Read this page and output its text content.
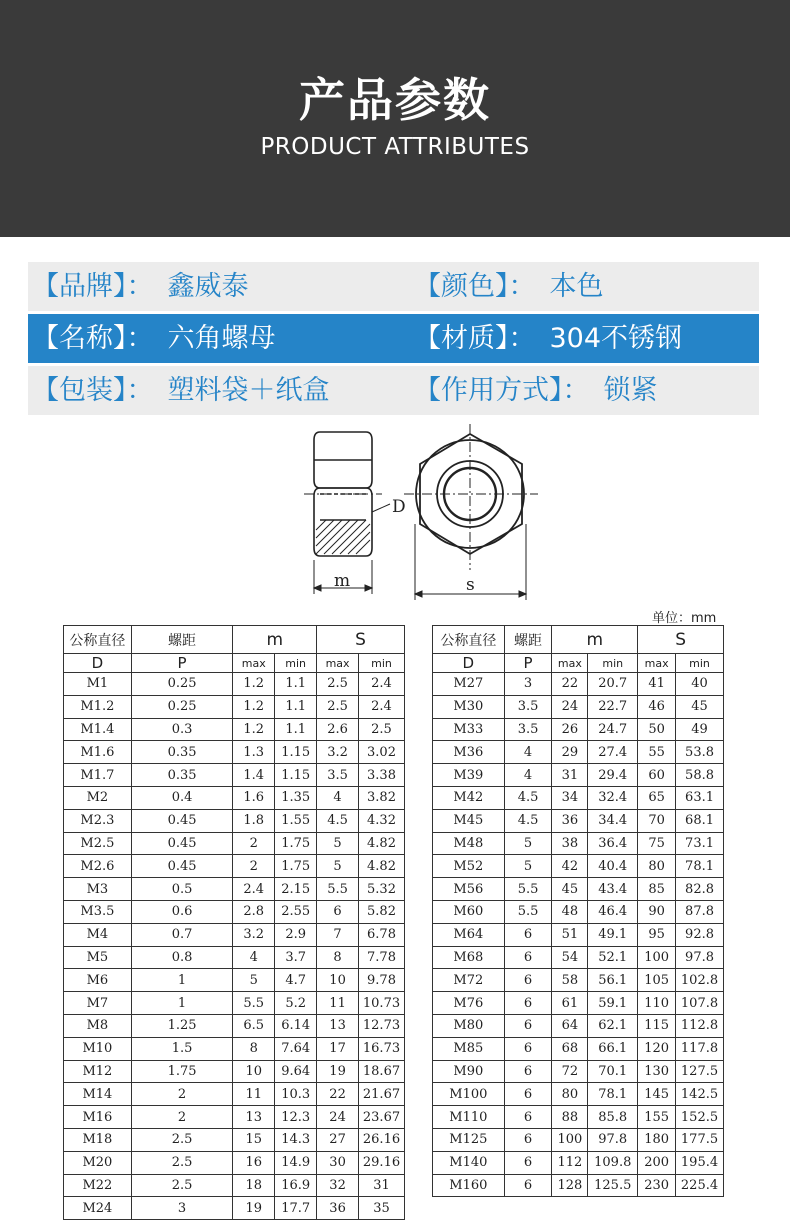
产品参数
PRODUCT ATTRIBUTES
【品牌】： 鑫威泰	【颜色】： 本色
【名称】： 六角螺母	【材质】： 304不锈钢
【包装】： 塑料袋＋纸盒	【作用方式】： 锁紧
D
m	s
单位：mm
公称直径	螺距	m		S	
D	P	max	min	max	min
M1	0.25	1.2	1.1	2.5	2.4
M1.2	0.25	1.2	1.1	2.5	2.4
M1.4	0.3	1.2	1.1	2.6	2.5
M1.6	0.35	1.3	1.15	3.2	3.02
M1.7	0.35	1.4	1.15	3.5	3.38
M2	0.4	1.6	1.35	4	3.82
M2.3	0.45	1.8	1.55	4.5	4.32
M2.5	0.45	2	1.75	5	4.82
M2.6	0.45	2	1.75	5	4.82
M3	0.5	2.4	2.15	5.5	5.32
M3.5	0.6	2.8	2.55	6	5.82
M4	0.7	3.2	2.9	7	6.78
M5	0.8	4	3.7	8	7.78
M6	1	5	4.7	10	9.78
M7	1	5.5	5.2	11	10.73
M8	1.25	6.5	6.14	13	12.73
M10	1.5	8	7.64	17	16.73
M12	1.75	10	9.64	19	18.67
M14	2	11	10.3	22	21.67
M16	2	13	12.3	24	23.67
M18	2.5	15	14.3	27	26.16
M20	2.5	16	14.9	30	29.16
M22	2.5	18	16.9	32	31
M24	3	19	17.7	36	35
公称直径	螺距	m		S	
D	P	max	min	max	min
M27	3	22	20.7	41	40
M30	3.5	24	22.7	46	45
M33	3.5	26	24.7	50	49
M36	4	29	27.4	55	53.8
M39	4	31	29.4	60	58.8
M42	4.5	34	32.4	65	63.1
M45	4.5	36	34.4	70	68.1
M48	5	38	36.4	75	73.1
M52	5	42	40.4	80	78.1
M56	5.5	45	43.4	85	82.8
M60	5.5	48	46.4	90	87.8
M64	6	51	49.1	95	92.8
M68	6	54	52.1	100	97.8
M72	6	58	56.1	105	102.8
M76	6	61	59.1	110	107.8
M80	6	64	62.1	115	112.8
M85	6	68	66.1	120	117.8
M90	6	72	70.1	130	127.5
M100	6	80	78.1	145	142.5
M110	6	88	85.8	155	152.5
M125	6	100	97.8	180	177.5
M140	6	112	109.8	200	195.4
M160	6	128	125.5	230	225.4
